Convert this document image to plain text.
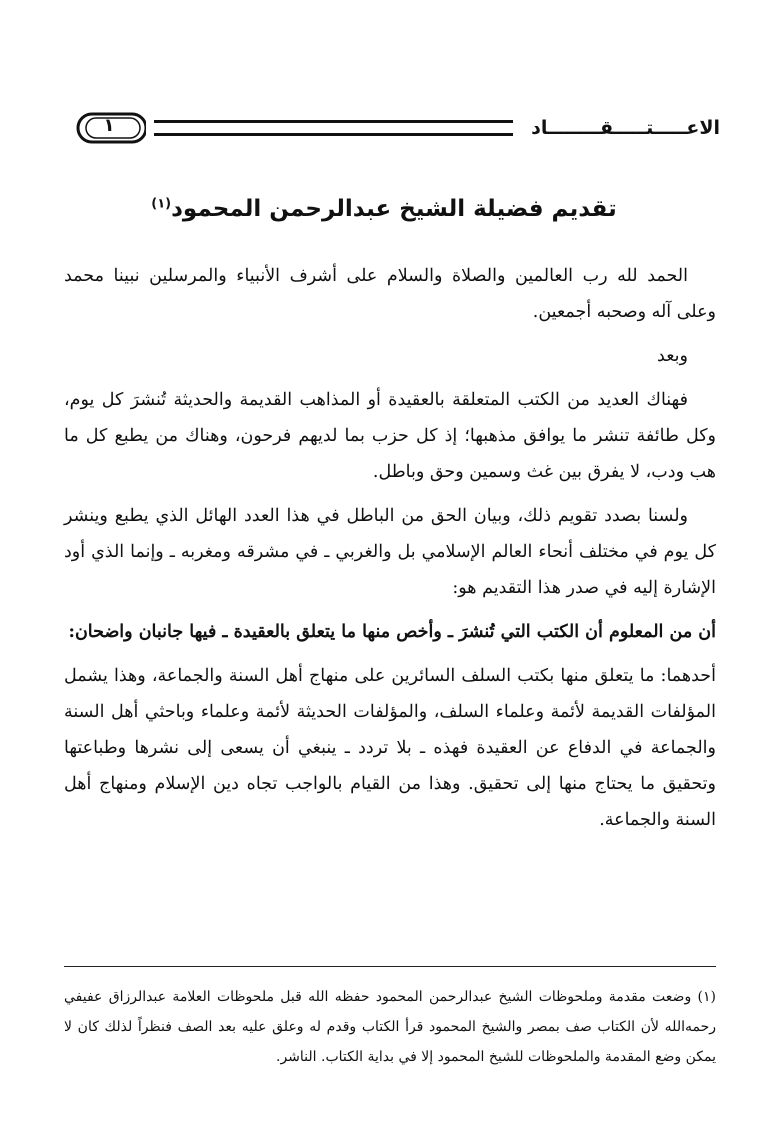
الاعـــــتـــــقــــــــاد
١
تقديم فضيلة الشيخ عبدالرحمن المحمود$^{(١)}$

الحمد لله رب العالمين والصلاة والسلام على أشرف الأنبياء والمرسلين نبينا محمد وعلى آله وصحبه أجمعين.

وبعد

فهناك العديد من الكتب المتعلقة بالعقيدة أو المذاهب القديمة والحديثة تُنشرَ كل يوم، وكل طائفة تنشر ما يوافق مذهبها؛ إذ كل حزب بما لديهم فرحون، وهناك من يطبع كل ما هب ودب، لا يفرق بين غث وسمين وحق وباطل.

ولسنا بصدد تقويم ذلك، وبيان الحق من الباطل في هذا العدد الهائل الذي يطبع وينشر كل يوم في مختلف أنحاء العالم الإسلامي بل والغربي ـ في مشرقه ومغربه ـ وإنما الذي أود الإشارة إليه في صدر هذا التقديم هو:

أن من المعلوم أن الكتب التي تُنشرَ ـ وأخص منها ما يتعلق بالعقيدة ـ فيها جانبان واضحان:

أحدهما: ما يتعلق منها بكتب السلف السائرين على منهاج أهل السنة والجماعة، وهذا يشمل المؤلفات القديمة لأئمة وعلماء السلف، والمؤلفات الحديثة لأئمة وعلماء وباحثي أهل السنة والجماعة في الدفاع عن العقيدة فهذه ـ بلا تردد ـ ينبغي أن يسعى إلى نشرها وطباعتها وتحقيق ما يحتاج منها إلى تحقيق. وهذا من القيام بالواجب تجاه دين الإسلام ومنهاج أهل السنة والجماعة.

(١) وضعت مقدمة وملحوظات الشيخ عبدالرحمن المحمود حفظه الله قبل ملحوظات العلامة عبدالرزاق عفيفي رحمه‌الله لأن الكتاب صف بمصر والشيخ المحمود قرأ الكتاب وقدم له وعلق عليه بعد الصف فنظراً لذلك كان لا يمكن وضع المقدمة والملحوظات للشيخ المحمود إلا في بداية الكتاب. الناشر.
